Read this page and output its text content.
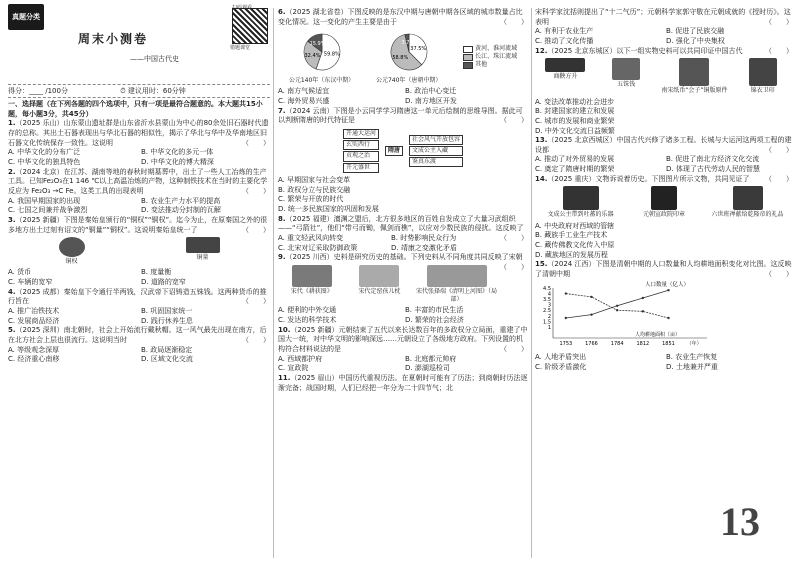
真题分类
周末小测卷
——中国古代史
错题课堂
得分：____ /100分	⏱ 建议用时：60分钟

一、选择题（在下列各题的四个选项中，只有一项是最符合题意的。本大题共15小题，每小题3分，共45分）

1.（2025 乐山）山东蒙山遗址群是山东省沂水县蒙山为中心的80余处旧石器时代遗存的总称。其出土石器表现出与华北石器的相似性，揭示了华北与华中及华南地区旧石器文化传统保存一致性。这说明	（　　）

A. 中华文化的分布广泛	B. 中华文化的多元一体
C. 中华文化的独具特色	D. 中华文化的博大精深

2.（2024 北京）在江苏、湖南等地的春秋时期墓葬中，出土了一些人工冶炼的生产工具。已知Fe₂O₃在1 146 ℃以上高温冶炼的产物，这种制铁技术在当时的主要化学反应为 Fe₂O₃ →C Fe。这类工具的出现表明	（　　）

A. 我国早期国家的出现	B. 农业生产力水平的提高
C. 七国之间兼并战争激烈	D. 变法推动分封制的瓦解

3.（2025 新疆）下图是秦始皇颁行的“铜权”“铜权”。迄今为止，在原秦国之外的很多地方出土过刻有诏文的“铜量”“铜权”。这说明秦始皇统一了	（　　）

铜权
铜量
A. 货币	B. 度量衡
C. 车辆的宽窄	D. 道路的宽窄

4.（2025 成都）秦始皇下令通行半两钱，汉武帝下诏铸造五铢钱。这两种货币的推行旨在	（　　）

A. 推广冶铁技术	B. 巩固国家统一
C. 发展商品经济	D. 践行休养生息

5.（2025 深圳）南北朝时，社会上开始流行戴秋帽。这一风气最先出现在南方，后在北方社会上层也很流行。这说明当时	（　　）

A. 等级观念深厚	B. 政局逐渐稳定
C. 经济重心南移	D. 区域文化交流

6.（2025 湖北省卷）下图反映的是东汉中期与唐朝中期各区域的城市数量占比变化情况。这一变化的产生主要是由于	（　　）

59.8%
32.4%
15.9%
公元140年（东汉中期）
37.5%
58.8%
3.7%
公元740年（唐朝中期）
黄河、淮河流域
长江、珠江流域
其他
A. 南方气候适宜	B. 政治中心变迁
C. 海外贸易兴盛	D. 南方地区开发

7.（2024 云南）下图是小云同学学习隋唐这一单元后绘制的思维导图。据此可以判断隋唐的时代特征是	（　　）

开通大运河
玄奘西行
贞观之治
开元盛世
隋唐
社会风气开放包容
文成公主入藏
鉴真东渡
A. 早期国家与社会变革
B. 政权分立与民族交融
C. 繁荣与开放的时代
D. 统一多民族国家的巩固和发展

8.（2025 福建）澶渊之盟后，北方很多地区的百姓自发成立了大量习武组织——“弓箭社”，他们“带弓而锄，佩剑而樵”，以应对少数民族的侵扰。这反映了
（　　）

A. 重文轻武风向转变	B. 时势影响民众行为
C. 北宋对辽采取防御政策	D. 靖康之变激化矛盾

9.（2025 川西）史料是研究历史的基础。下列史料从不同角度共同反映了宋朝
（　　）

宋代《耕获图》	宋代定窑孩儿枕	宋代张择端《清明上河图》（局部）
A. 便利的中外交通	B. 丰富的市民生活
C. 发达的科学技术	D. 繁荣的社会经济

10.（2025 新疆）元朝结束了五代以来长达数百年的多政权分立局面，重建了中国大一统，对中华文明的影响深远……元朝设立了各级地方政府。下列设置的机构符合材料说法的是	（　　）

A. 西域都护府	B. 北庭都元帅府
C. 宣政院	D. 澎湖巡检司

11.（2025 眉山）中国历代重视历法。在夏朝时可能有了历法；到商朝时历法逐渐完备；战国时期，人们已经把一年分为二十四节气；北

宋科学家沈括则提出了“十二气历”；元朝科学家郭守敬在元朝成就的《授时历》。这表明	（　　）

A. 有利于农业生产	B. 促进了民族交融
C. 推动了文化传播	D. 强化了中央集权

12.（2025 北京东城区）以下一组实物史料可以共同印证中国古代	（　　）

商鞅方升
五铢钱
南宋纸币“会子”铜版原件	锦衣卫印
A. 变法改革推动社会进步
B. 封建国家的建立和发展
C. 城市的发展和商业繁荣
D. 中外文化交流日益频繁

13.（2025 北京西城区）中国古代兴修了诸多工程。长城与大运河这两项工程的建设都	（　　）

A. 推动了对外贸易的发展	B. 促进了南北方经济文化交流
C. 奠定了隋唐时期的繁荣	D. 体现了古代劳动人民的智慧

14.（2025 重庆）文物诉说着历史。下图图片所示文物，共同见证了 （　　）

文成公主带到吐蕃的乐器	元朝宣政院印章	六世班禅献给乾隆帝的礼品
A. 中央政府对西域的管辖
B. 藏族手工业生产技术
C. 藏传佛教文化传入中原
D. 藏族地区的发展历程

15.（2024 江西）下图是清朝中期的人口数量和人均耕地面积变化对比图。这反映了清朝中期	（　　）

4.5
4
3.5
3
2.5
2
1.5
1
1753	1766	1784	1812	1851 （年）
人口数量（亿人）
人均耕地面积（亩）
A. 人地矛盾突出	B. 农业生产恢复
C. 阶级矛盾激化	D. 土地兼并严重
13
